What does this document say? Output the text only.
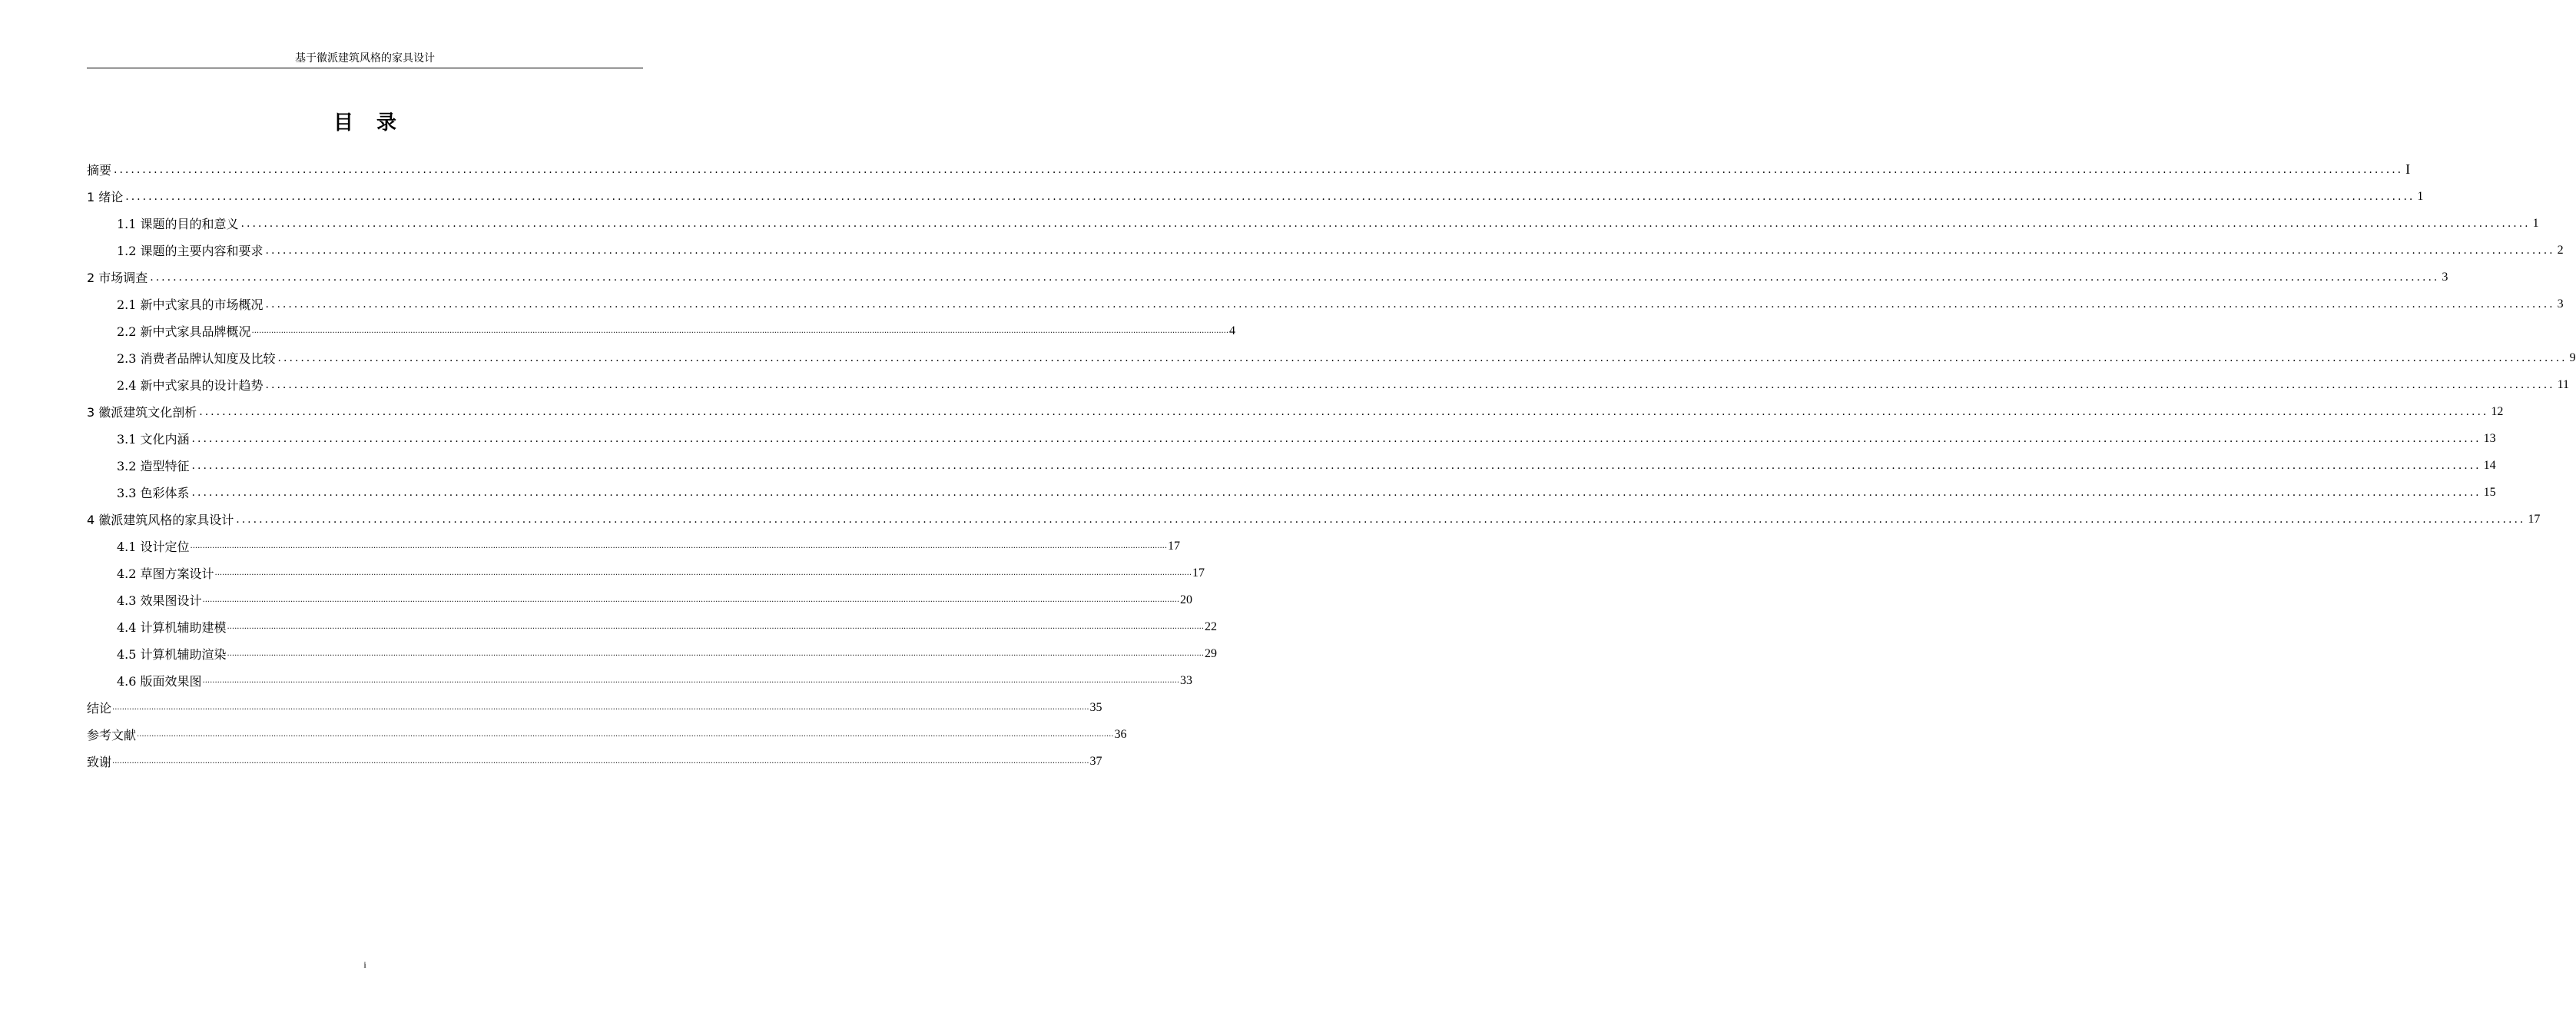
基于徽派建筑风格的家具设计
目录
摘要 ................................................................................................................................................................................................................................................................................................................................................................................................................ I
1 绪论 ................................................................................................................................................................................................................................................................................................................................................................................................................ 1
1.1 课题的目的和意义 ................................................................................................................................................................................................................................................................................................................................................................................................................ 1
1.2 课题的主要内容和要求 ................................................................................................................................................................................................................................................................................................................................................................................................................ 2
2 市场调查 ................................................................................................................................................................................................................................................................................................................................................................................................................ 3
2.1 新中式家具的市场概况 ................................................................................................................................................................................................................................................................................................................................................................................................................ 3
2.2 新中式家具品牌概况 ................................................................................................................................................................................................................................................................................................................................................................................................................ 4
2.3 消费者品牌认知度及比较 ................................................................................................................................................................................................................................................................................................................................................................................................................ 9
2.4 新中式家具的设计趋势 ................................................................................................................................................................................................................................................................................................................................................................................................................ 11
3 徽派建筑文化剖析 ................................................................................................................................................................................................................................................................................................................................................................................................................ 12
3.1 文化内涵 ................................................................................................................................................................................................................................................................................................................................................................................................................ 13
3.2 造型特征 ................................................................................................................................................................................................................................................................................................................................................................................................................ 14
3.3 色彩体系 ................................................................................................................................................................................................................................................................................................................................................................................................................ 15
4 徽派建筑风格的家具设计 ................................................................................................................................................................................................................................................................................................................................................................................................................ 17
4.1 设计定位 ................................................................................................................................................................................................................................................................................................................................................................................................................ 17
4.2 草图方案设计 ................................................................................................................................................................................................................................................................................................................................................................................................................ 17
4.3 效果图设计 ................................................................................................................................................................................................................................................................................................................................................................................................................ 20
4.4 计算机辅助建模 ................................................................................................................................................................................................................................................................................................................................................................................................................ 22
4.5 计算机辅助渲染 ................................................................................................................................................................................................................................................................................................................................................................................................................ 29
4.6 版面效果图 ................................................................................................................................................................................................................................................................................................................................................................................................................ 33
结论 ................................................................................................................................................................................................................................................................................................................................................................................................................ 35
参考文献 ................................................................................................................................................................................................................................................................................................................................................................................................................ 36
致谢 ................................................................................................................................................................................................................................................................................................................................................................................................................ 37
i
